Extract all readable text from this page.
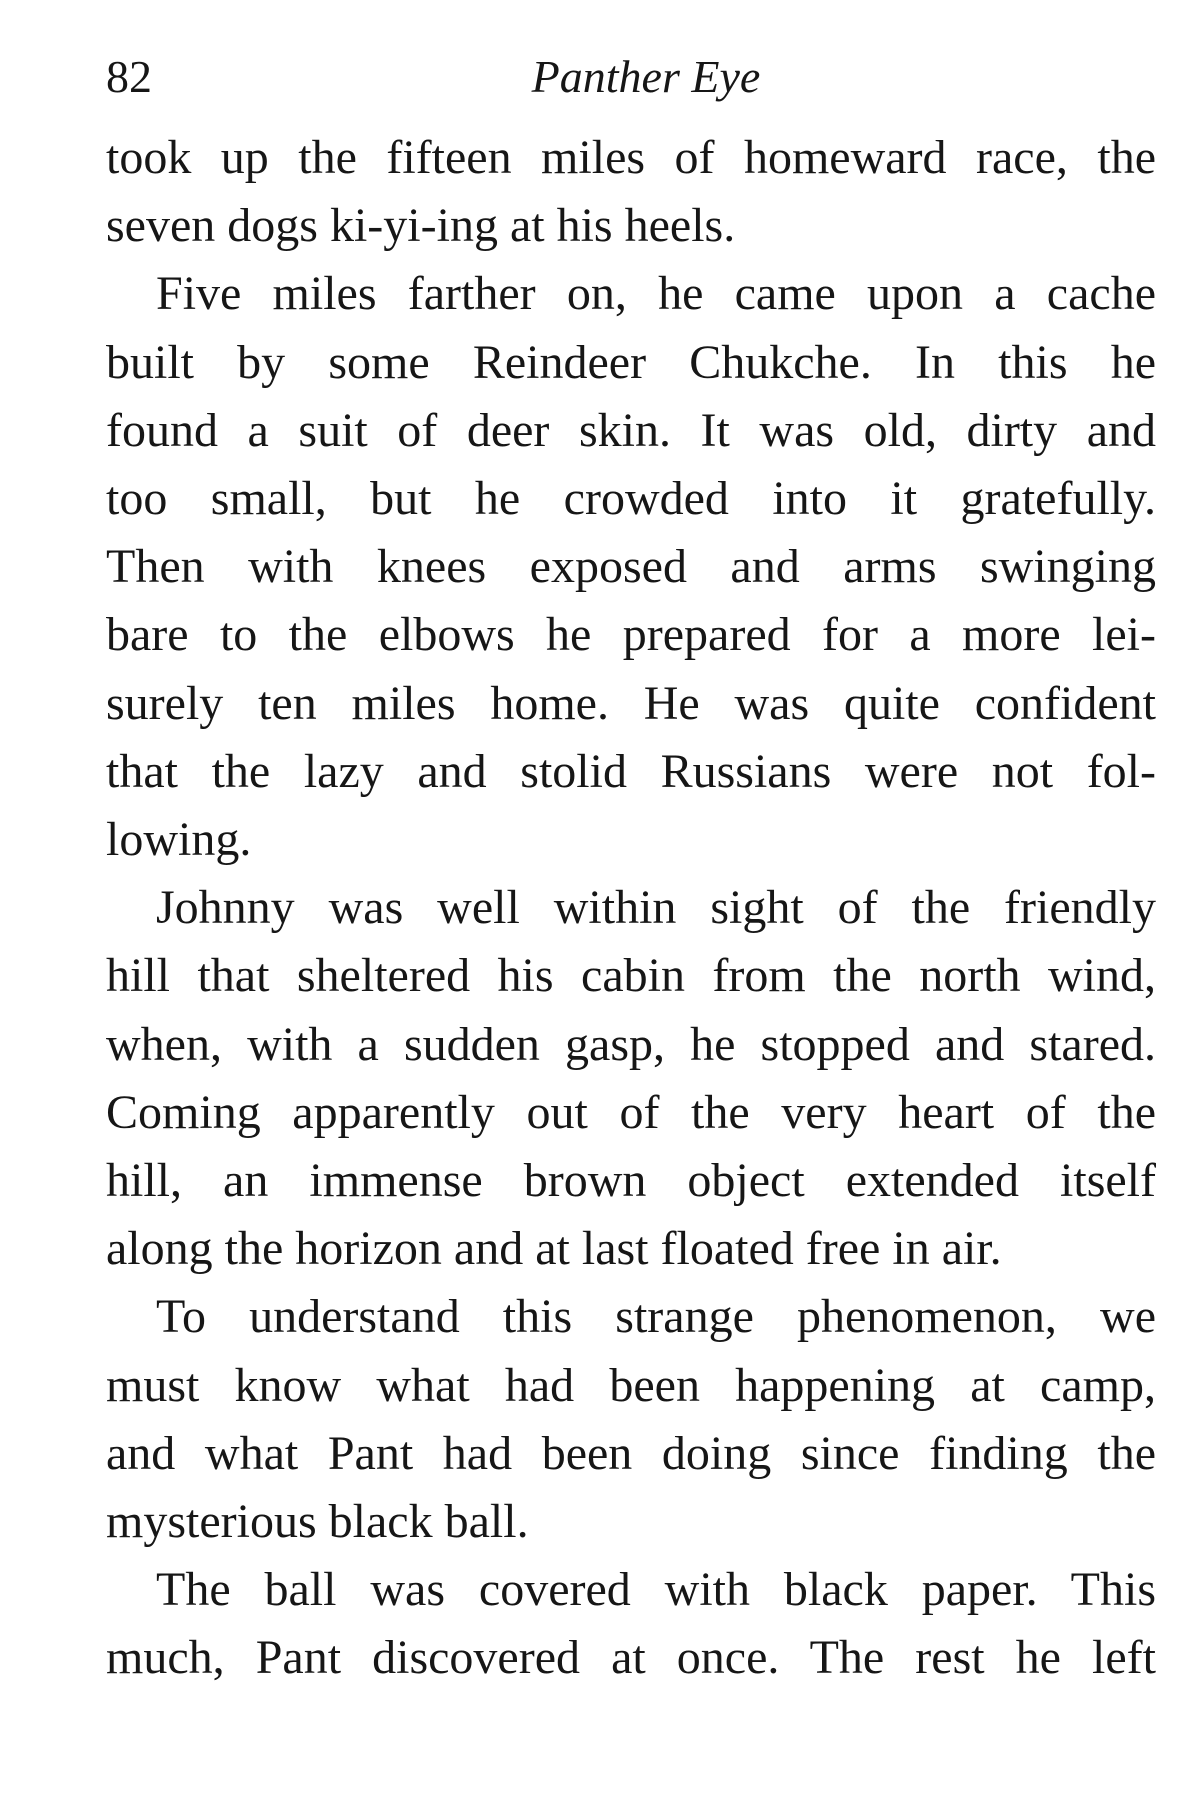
82	Panther Eye

took up the fifteen miles of homeward race, the
seven dogs ki-yi-ing at his heels.

Five miles farther on, he came upon a cache
built by some Reindeer Chukche. In this he
found a suit of deer skin. It was old, dirty and
too small, but he crowded into it gratefully.
Then with knees exposed and arms swinging
bare to the elbows he prepared for a more lei-
surely ten miles home. He was quite confident
that the lazy and stolid Russians were not fol-
lowing.

Johnny was well within sight of the friendly
hill that sheltered his cabin from the north wind,
when, with a sudden gasp, he stopped and stared.
Coming apparently out of the very heart of the
hill, an immense brown object extended itself
along the horizon and at last floated free in air.

To understand this strange phenomenon, we
must know what had been happening at camp,
and what Pant had been doing since finding the
mysterious black ball.

The ball was covered with black paper. This
much, Pant discovered at once. The rest he left
